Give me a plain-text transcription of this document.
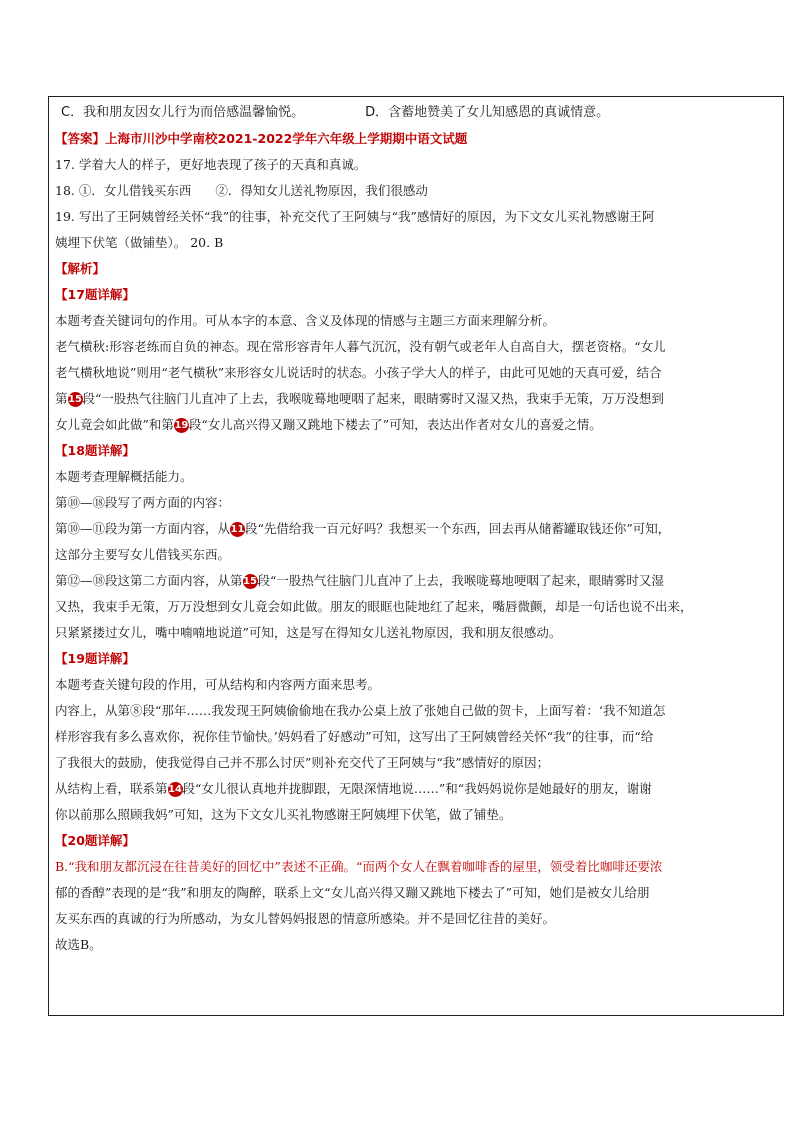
C．我和朋友因女儿行为而倍感温馨愉悦。	D．含蓄地赞美了女儿知感恩的真诚情意。
【答案】上海市川沙中学南校2021-2022学年六年级上学期期中语文试题
17. 学着大人的样子，更好地表现了孩子的天真和真诚。
18. ①．女儿借钱买东西 ②．得知女儿送礼物原因，我们很感动
19. 写出了王阿姨曾经关怀“我”的往事，补充交代了王阿姨与“我”感情好的原因，为下文女儿买礼物感谢王阿
姨埋下伏笔（做铺垫）。 20. B
【解析】
【17题详解】
本题考查关键词句的作用。可从本字的本意、含义及体现的情感与主题三方面来理解分析。
老气横秋:形容老练而自负的神态。现在常形容青年人暮气沉沉，没有朝气或老年人自高自大，摆老资格。“女儿
老气横秋地说”则用“老气横秋”来形容女儿说话时的状态。小孩子学大人的样子，由此可见她的天真可爱，结合
第15段“一股热气往脑门儿直冲了上去，我喉咙蓦地哽咽了起来，眼睛雾时又湿又热，我束手无策，万万没想到
女儿竟会如此做”和第19段“女儿高兴得又蹦又跳地下楼去了”可知，表达出作者对女儿的喜爱之情。
【18题详解】
本题考查理解概括能力。
第⑩—⑱段写了两方面的内容：
第⑩—⑪段为第一方面内容，从11段“先借给我一百元好吗？我想买一个东西，回去再从储蓄罐取钱还你”可知，
这部分主要写女儿借钱买东西。
第⑫—⑱段这第二方面内容，从第15段“一股热气往脑门儿直冲了上去，我喉咙蓦地哽咽了起来，眼睛雾时又湿
又热，我束手无策，万万没想到女儿竟会如此做。朋友的眼眶也陡地红了起来，嘴唇微颤，却是一句话也说不出来，
只紧紧搂过女儿，嘴中喃喃地说道”可知，这是写在得知女儿送礼物原因，我和朋友很感动。
【19题详解】
本题考查关键句段的作用，可从结构和内容两方面来思考。
内容上，从第⑧段“那年……我发现王阿姨偷偷地在我办公桌上放了张她自己做的贺卡，上面写着：‘我不知道怎
样形容我有多么喜欢你，祝你佳节愉快。’妈妈看了好感动”可知，这写出了王阿姨曾经关怀“我”的往事，而“给
了我很大的鼓励，使我觉得自己并不那么讨厌”则补充交代了王阿姨与“我”感情好的原因；
从结构上看，联系第14段“女儿很认真地并拢脚跟，无限深情地说……”和“我妈妈说你是她最好的朋友，谢谢
你以前那么照顾我妈”可知，这为下文女儿买礼物感谢王阿姨埋下伏笔，做了铺垫。
【20题详解】
B.“我和朋友都沉浸在往昔美好的回忆中”表述不正确。“而两个女人在飘着咖啡香的屋里，领受着比咖啡还要浓
郁的香醇”表现的是“我”和朋友的陶醉，联系上文“女儿高兴得又蹦又跳地下楼去了”可知，她们是被女儿给朋
友买东西的真诚的行为所感动，为女儿替妈妈报恩的情意所感染。并不是回忆往昔的美好。
故选B。
